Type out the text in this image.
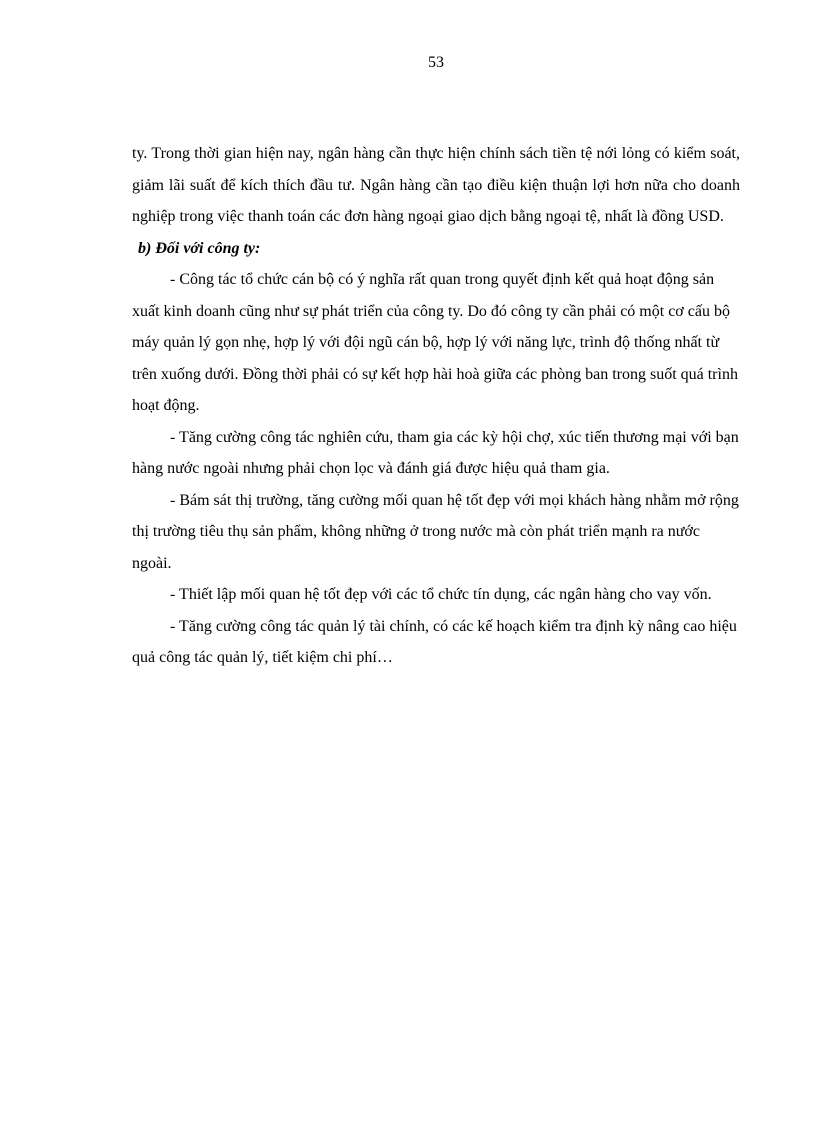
53

ty. Trong thời gian hiện nay, ngân hàng cần thực hiện chính sách tiền tệ nới lỏng có kiểm soát, giảm lãi suất để kích thích đầu tư. Ngân hàng cần tạo điều kiện thuận lợi hơn nữa cho doanh nghiệp trong việc thanh toán các đơn hàng ngoại giao dịch bằng ngoại tệ, nhất là đồng USD.

b) Đối với công ty:

- Công tác tổ chức cán bộ có ý nghĩa rất quan trong quyết định kết quả hoạt động sản xuất kinh doanh cũng như sự phát triển của công ty. Do đó công ty cần phải có một cơ cấu bộ máy quản lý gọn nhẹ, hợp lý với đội ngũ cán bộ, hợp lý với năng lực, trình độ thống nhất từ trên xuống dưới. Đồng thời phải có sự kết hợp hài hoà giữa các phòng ban trong suốt quá trình hoạt động.

- Tăng cường công tác nghiên cứu, tham gia các kỳ hội chợ, xúc tiến thương mại với bạn hàng nước ngoài nhưng phải chọn lọc và đánh giá được hiệu quả tham gia.

- Bám sát thị trường, tăng cường mối quan hệ tốt đẹp với mọi khách hàng nhằm mở rộng thị trường tiêu thụ sản phẩm, không những ở trong nước mà còn phát triển mạnh ra nước ngoài.

- Thiết lập mối quan hệ tốt đẹp với các tổ chức tín dụng, các ngân hàng cho vay vốn.

- Tăng cường công tác quản lý tài chính, có các kế hoạch kiểm tra định kỳ nâng cao hiệu quả công tác quản lý, tiết kiệm chi phí…
